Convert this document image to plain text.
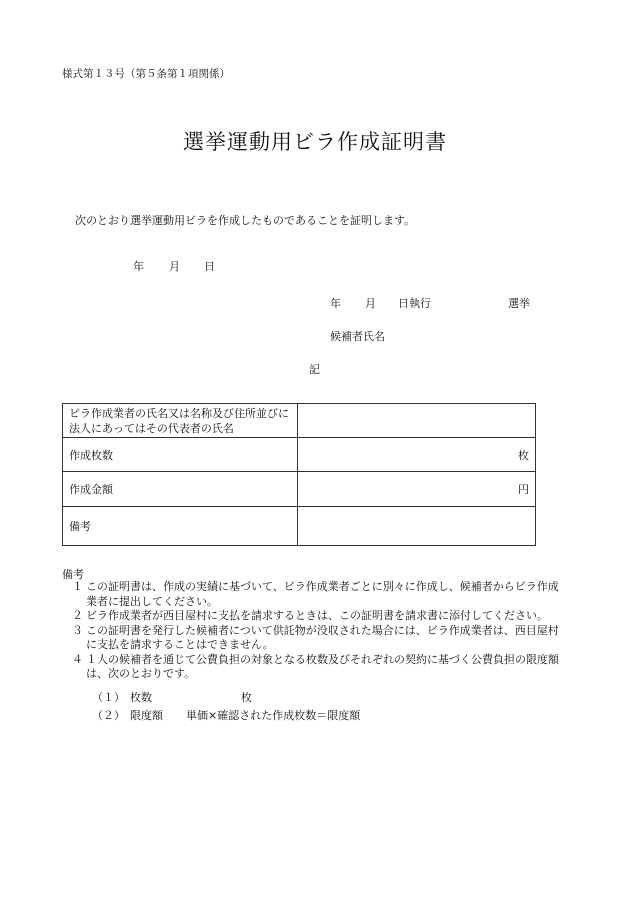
様式第１３号（第５条第１項関係）
選挙運動用ビラ作成証明書
次のとおり選挙運動用ビラを作成したものであることを証明します。
年 月 日
年 月 日執行	選挙
候補者氏名
記
ビラ作成業者の氏名又は名称及び住所並びに
法人にあってはその代表者の氏名	

作成枚数	枚
作成金額	円
備考	
備考
１ この証明書は、作成の実績に基づいて、ビラ作成業者ごとに別々に作成し、候補者からビラ作成業者に提出してください。
２ ビラ作成業者が西目屋村に支払を請求するときは、この証明書を請求書に添付してください。
３ この証明書を発行した候補者について供託物が没収された場合には、ビラ作成業者は、西目屋村に支払を請求することはできません。
４ １人の候補者を通じて公費負担の対象となる枚数及びそれぞれの契約に基づく公費負担の限度額は、次のとおりです。
（１） 枚数	枚
（２） 限度額 単価×確認された作成枚数＝限度額
